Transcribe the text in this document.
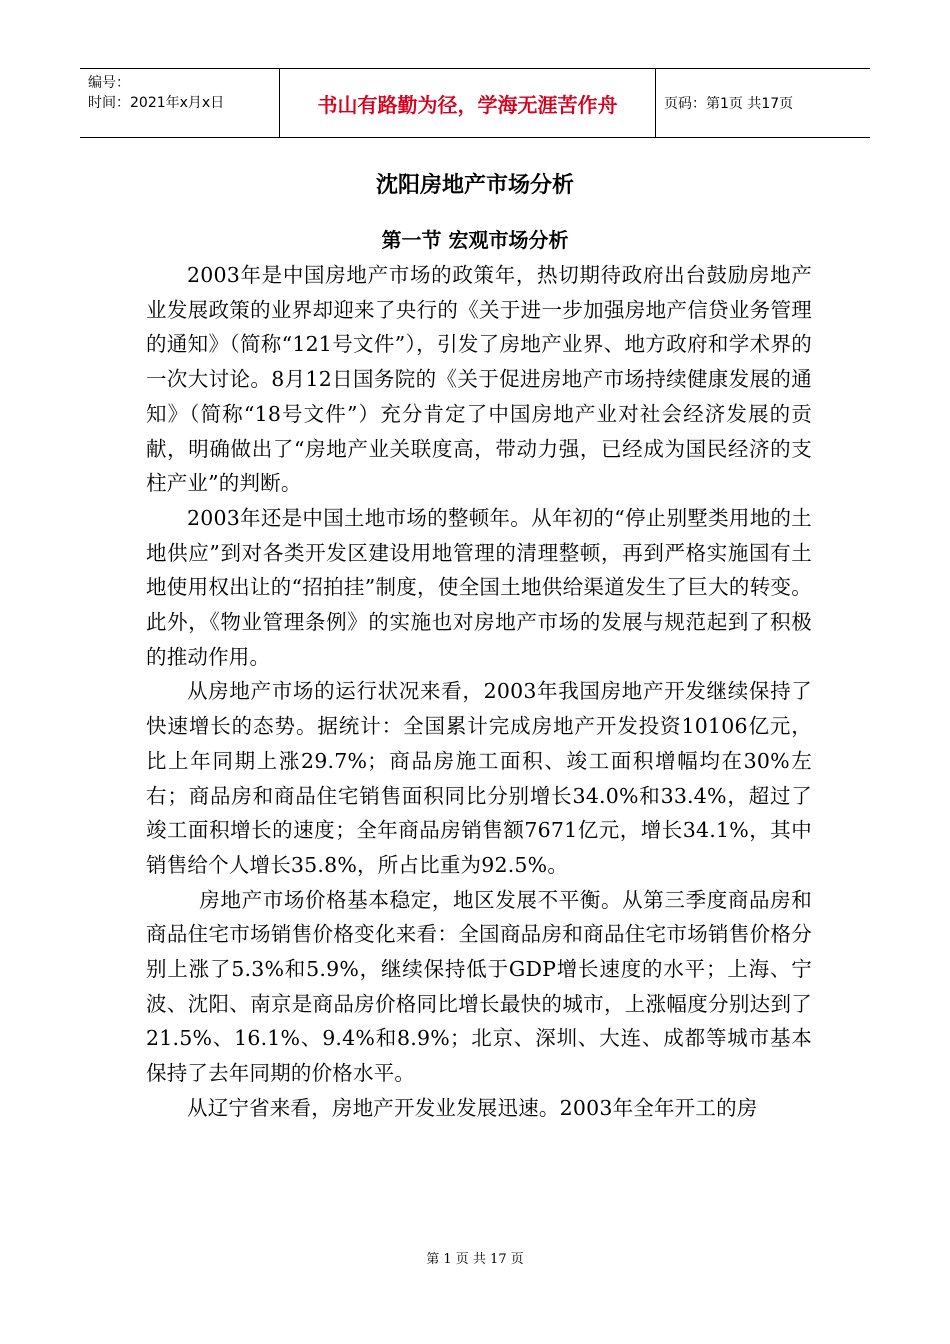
编号：
时间：2021年x月x日	书山有路勤为径，学海无涯苦作舟	页码：第1页 共17页
沈阳房地产市场分析
第一节 宏观市场分析

2003年是中国房地产市场的政策年，热切期待政府出台鼓励房地产业发展政策的业界却迎来了央行的《关于进一步加强房地产信贷业务管理的通知》（简称“121号文件”），引发了房地产业界、地方政府和学术界的一次大讨论。8月12日国务院的《关于促进房地产市场持续健康发展的通知》（简称“18号文件”）充分肯定了中国房地产业对社会经济发展的贡献，明确做出了“房地产业关联度高，带动力强，已经成为国民经济的支柱产业”的判断。

2003年还是中国土地市场的整顿年。从年初的“停止别墅类用地的土地供应”到对各类开发区建设用地管理的清理整顿，再到严格实施国有土地使用权出让的“招拍挂”制度，使全国土地供给渠道发生了巨大的转变。此外，《物业管理条例》的实施也对房地产市场的发展与规范起到了积极的推动作用。

从房地产市场的运行状况来看，2003年我国房地产开发继续保持了快速增长的态势。据统计：全国累计完成房地产开发投资10106亿元，比上年同期上涨29.7%；商品房施工面积、竣工面积增幅均在30%左右；商品房和商品住宅销售面积同比分别增长34.0%和33.4%，超过了竣工面积增长的速度；全年商品房销售额7671亿元，增长34.1%，其中销售给个人增长35.8%，所占比重为92.5%。

房地产市场价格基本稳定，地区发展不平衡。从第三季度商品房和商品住宅市场销售价格变化来看：全国商品房和商品住宅市场销售价格分别上涨了5.3%和5.9%，继续保持低于GDP增长速度的水平；上海、宁波、沈阳、南京是商品房价格同比增长最快的城市，上涨幅度分别达到了21.5%、16.1%、9.4%和8.9%；北京、深圳、大连、成都等城市基本保持了去年同期的价格水平。

从辽宁省来看，房地产开发业发展迅速。2003年全年开工的房

第 1 页 共 17 页
